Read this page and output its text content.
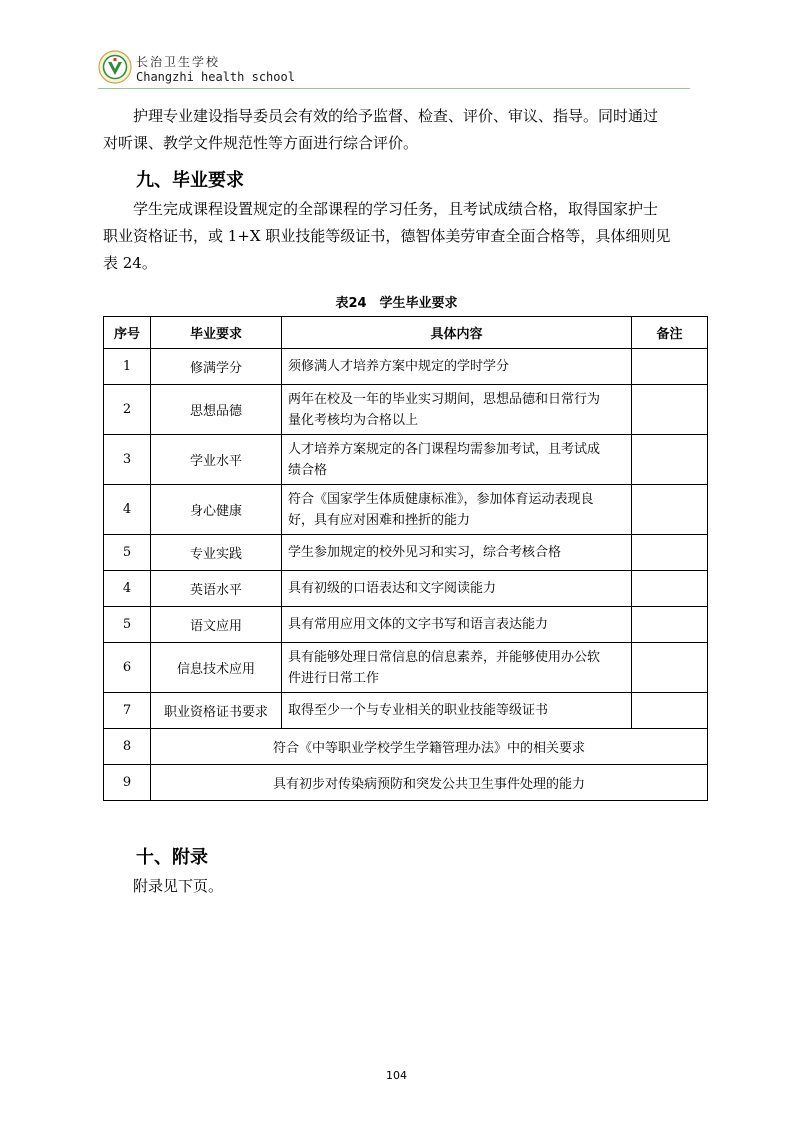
长治卫生学校
Changzhi health school
护理专业建设指导委员会有效的给予监督、检查、评价、审议、指导。同时通过
对听课、教学文件规范性等方面进行综合评价。
九、毕业要求
学生完成课程设置规定的全部课程的学习任务，且考试成绩合格，取得国家护士
职业资格证书，或 1+X 职业技能等级证书，德智体美劳审查全面合格等，具体细则见
表 24。
表24　学生毕业要求
序号	毕业要求	具体内容	备注
1	修满学分	须修满人才培养方案中规定的学时学分	

2	思想品德	两年在校及一年的毕业实习期间，思想品德和日常行为
量化考核均为合格以上	

3	学业水平	人才培养方案规定的各门课程均需参加考试，且考试成
绩合格	

4	身心健康	符合《国家学生体质健康标准》，参加体育运动表现良
好，具有应对困难和挫折的能力	

5	专业实践	学生参加规定的校外见习和实习，综合考核合格	

4	英语水平	具有初级的口语表达和文字阅读能力	

5	语文应用	具有常用应用文体的文字书写和语言表达能力	

6	信息技术应用	具有能够处理日常信息的信息素养，并能够使用办公软
件进行日常工作	

7	职业资格证书要求	取得至少一个与专业相关的职业技能等级证书	

8	符合《中等职业学校学生学籍管理办法》中的相关要求		
9	具有初步对传染病预防和突发公共卫生事件处理的能力		
十、附录
附录见下页。
104
